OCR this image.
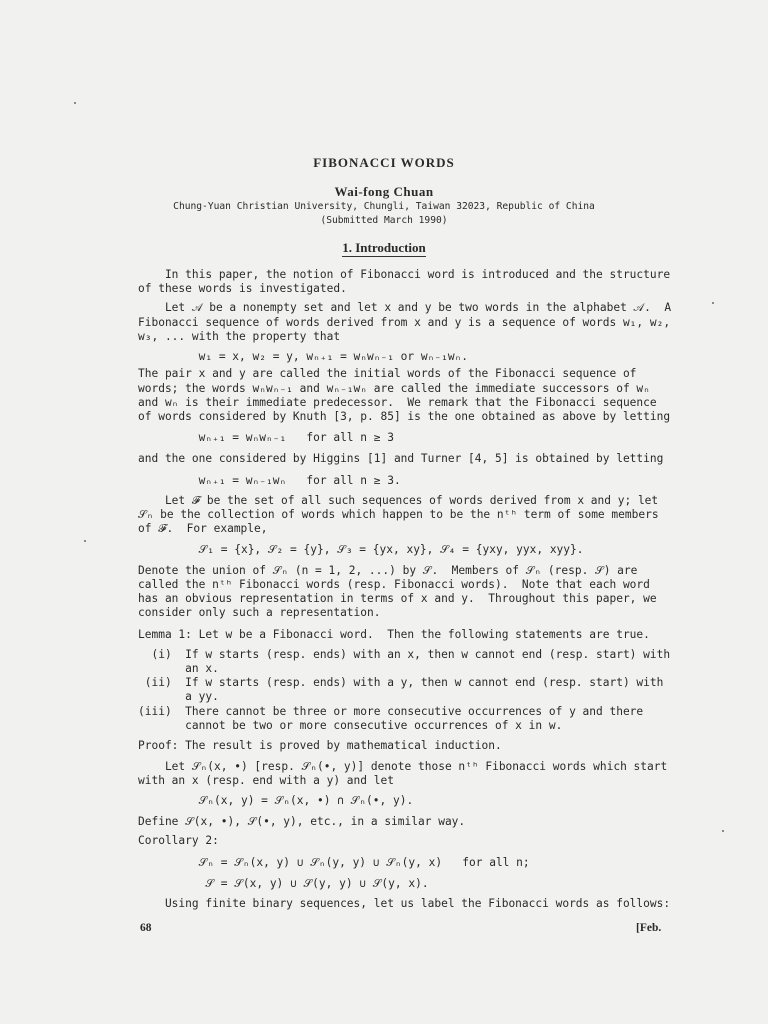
FIBONACCI WORDS
Wai-fong Chuan
Chung-Yuan Christian University, Chungli, Taiwan 32023, Republic of China
(Submitted March 1990)
1. Introduction
In this paper, the notion of Fibonacci word is introduced and the structure
of these words is investigated.
Let 𝒜 be a nonempty set and let x and y be two words in the alphabet 𝒜.  A
Fibonacci sequence of words derived from x and y is a sequence of words w₁, w₂,
w₃, ... with the property that
w₁ = x, w₂ = y, wₙ₊₁ = wₙwₙ₋₁ or wₙ₋₁wₙ.
The pair x and y are called the initial words of the Fibonacci sequence of
words; the words wₙwₙ₋₁ and wₙ₋₁wₙ are called the immediate successors of wₙ
and wₙ is their immediate predecessor.  We remark that the Fibonacci sequence
of words considered by Knuth [3, p. 85] is the one obtained as above by letting
wₙ₊₁ = wₙwₙ₋₁   for all n ≥ 3
and the one considered by Higgins [1] and Turner [4, 5] is obtained by letting
wₙ₊₁ = wₙ₋₁wₙ   for all n ≥ 3.
Let 𝓕 be the set of all such sequences of words derived from x and y; let
𝒮ₙ be the collection of words which happen to be the nᵗʰ term of some members
of 𝓕.  For example,
𝒮₁ = {x}, 𝒮₂ = {y}, 𝒮₃ = {yx, xy}, 𝒮₄ = {yxy, yyx, xyy}.
Denote the union of 𝒮ₙ (n = 1, 2, ...) by 𝒮.  Members of 𝒮ₙ (resp. 𝒮) are
called the nᵗʰ Fibonacci words (resp. Fibonacci words).  Note that each word
has an obvious representation in terms of x and y.  Throughout this paper, we
consider only such a representation.
Lemma 1: Let w be a Fibonacci word.  Then the following statements are true.
(i)  If w starts (resp. ends) with an x, then w cannot end (resp. start) with
an x.
(ii)  If w starts (resp. ends) with a y, then w cannot end (resp. start) with
a yy.
(iii)  There cannot be three or more consecutive occurrences of y and there
cannot be two or more consecutive occurrences of x in w.
Proof: The result is proved by mathematical induction.
Let 𝒮ₙ(x, •) [resp. 𝒮ₙ(•, y)] denote those nᵗʰ Fibonacci words which start
with an x (resp. end with a y) and let
𝒮ₙ(x, y) = 𝒮ₙ(x, •) ∩ 𝒮ₙ(•, y).
Define 𝒮(x, •), 𝒮(•, y), etc., in a similar way.
Corollary 2:
𝒮ₙ = 𝒮ₙ(x, y) ∪ 𝒮ₙ(y, y) ∪ 𝒮ₙ(y, x)   for all n;
𝒮 = 𝒮(x, y) ∪ 𝒮(y, y) ∪ 𝒮(y, x).
Using finite binary sequences, let us label the Fibonacci words as follows:
68	[Feb.
